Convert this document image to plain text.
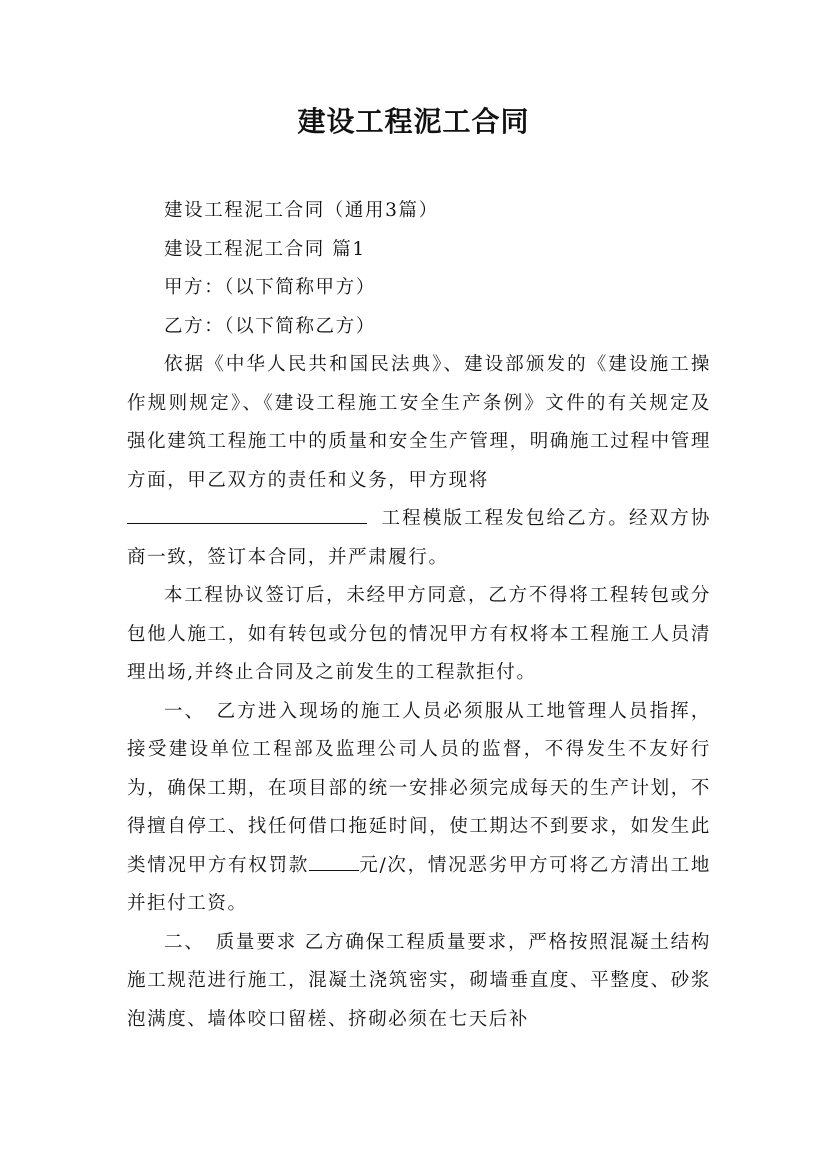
建设工程泥工合同

建设工程泥工合同（通用3篇）

建设工程泥工合同 篇1

甲方：（以下简称甲方）

乙方：（以下简称乙方）

依据《中华人民共和国民法典》、建设部颁发的《建设施工操作规则规定》、《建设工程施工安全生产条例》文件的有关规定及强化建筑工程施工中的质量和安全生产管理，明确施工过程中管理方面，甲乙双方的责任和义务，甲方现将
工程模版工程发包给乙方。经双方协商一致，签订本合同，并严肃履行。

本工程协议签订后，未经甲方同意，乙方不得将工程转包或分包他人施工，如有转包或分包的情况甲方有权将本工程施工人员清理出场,并终止合同及之前发生的工程款拒付。

一、　乙方进入现场的施工人员必须服从工地管理人员指挥，接受建设单位工程部及监理公司人员的监督，不得发生不友好行为，确保工期，在项目部的统一安排必须完成每天的生产计划，不得擅自停工、找任何借口拖延时间，使工期达不到要求，如发生此类情况甲方有权罚款	元/次，情况恶劣甲方可将乙方清出工地并拒付工资。

二、　质量要求 乙方确保工程质量要求，严格按照混凝土结构施工规范进行施工，混凝土浇筑密实，砌墙垂直度、平整度、砂浆泡满度、墙体咬口留槎、挤砌必须在七天后补
